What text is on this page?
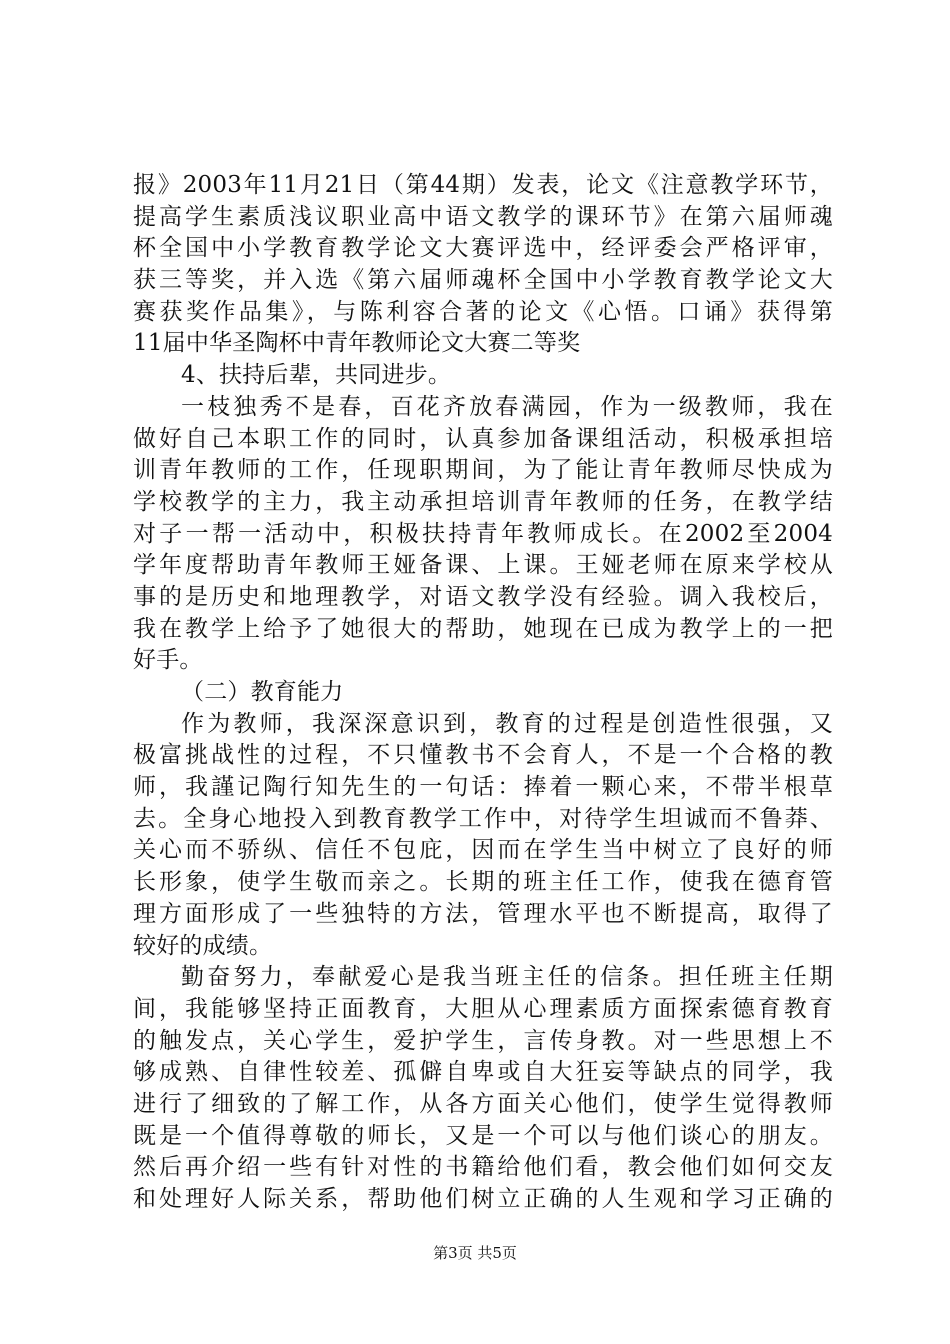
报》2003年11月21日（第44期）发表，论文《注意教学环节，
提高学生素质浅议职业高中语文教学的课环节》在第六届师魂
杯全国中小学教育教学论文大赛评选中，经评委会严格评审，
获三等奖，并入选《第六届师魂杯全国中小学教育教学论文大
赛获奖作品集》，与陈利容合著的论文《心悟。口诵》获得第
11届中华圣陶杯中青年教师论文大赛二等奖
4、扶持后辈，共同进步。
一枝独秀不是春，百花齐放春满园，作为一级教师，我在
做好自己本职工作的同时，认真参加备课组活动，积极承担培
训青年教师的工作，任现职期间，为了能让青年教师尽快成为
学校教学的主力，我主动承担培训青年教师的任务，在教学结
对子一帮一活动中，积极扶持青年教师成长。在2002至2004
学年度帮助青年教师王娅备课、上课。王娅老师在原来学校从
事的是历史和地理教学，对语文教学没有经验。调入我校后，
我在教学上给予了她很大的帮助，她现在已成为教学上的一把
好手。
（二）教育能力
作为教师，我深深意识到，教育的过程是创造性很强，又
极富挑战性的过程，不只懂教书不会育人，不是一个合格的教
师，我謹记陶行知先生的一句话：捧着一颗心来，不带半根草
去。全身心地投入到教育教学工作中，对待学生坦诚而不鲁莽、
关心而不骄纵、信任不包庇，因而在学生当中树立了良好的师
长形象，使学生敬而亲之。长期的班主任工作，使我在德育管
理方面形成了一些独特的方法，管理水平也不断提高，取得了
较好的成绩。
勤奋努力，奉献爱心是我当班主任的信条。担任班主任期
间，我能够坚持正面教育，大胆从心理素质方面探索德育教育
的触发点，关心学生，爱护学生，言传身教。对一些思想上不
够成熟、自律性较差、孤僻自卑或自大狂妄等缺点的同学，我
进行了细致的了解工作，从各方面关心他们，使学生觉得教师
既是一个值得尊敬的师长，又是一个可以与他们谈心的朋友。
然后再介绍一些有针对性的书籍给他们看，教会他们如何交友
和处理好人际关系，帮助他们树立正确的人生观和学习正确的
第3页 共5页
